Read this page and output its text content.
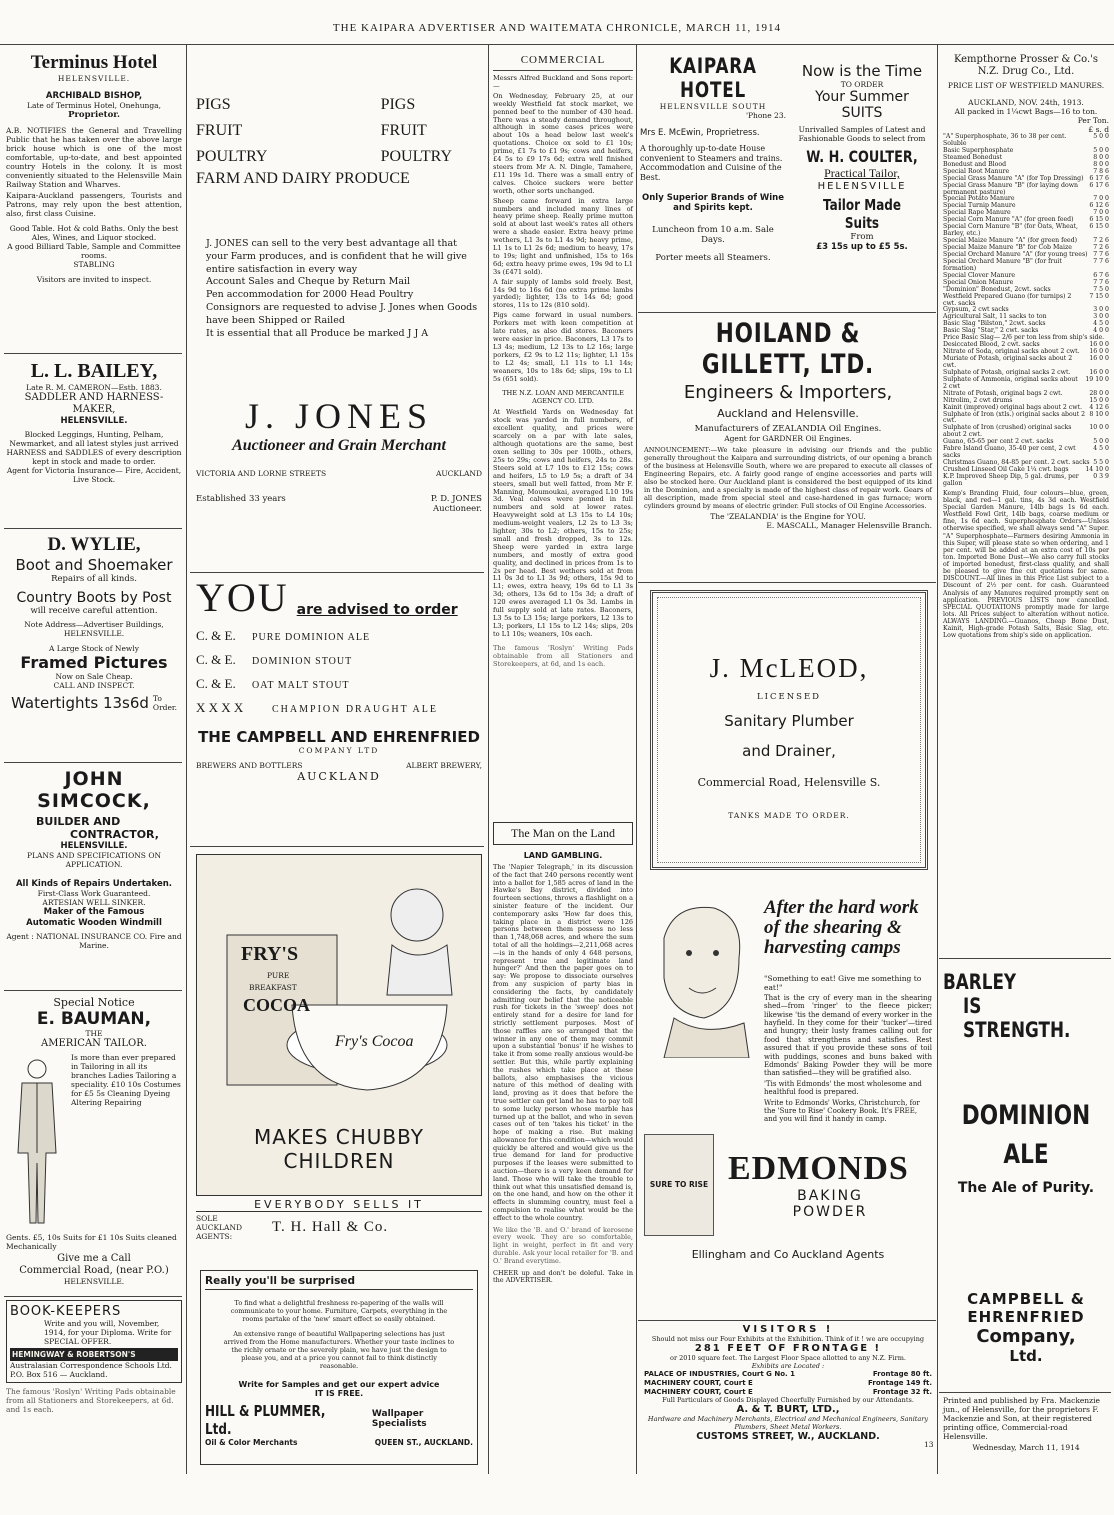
THE KAIPARA ADVERTISER AND WAITEMATA CHRONICLE, MARCH 11, 1914
Terminus Hotel
HELENSVILLE.
ARCHIBALD BISHOP,
Late of Terminus Hotel, Onehunga,
Proprietor.
A.B. NOTIFIES the General and Travelling Public that he has taken over the above large brick house which is one of the most comfortable, up-to-date, and best appointed country Hotels in the colony. It is most conveniently situated to the Helensville Main Railway Station and Wharves.
Kaipara-Auckland passengers, Tourists and Patrons, may rely upon the best attention, also, first class Cuisine.
Good Table. Hot & cold Baths. Only the best Ales, Wines, and Liquor stocked.
A good Billiard Table, Sample and Committee rooms.
STABLING
Visitors are invited to inspect.
L. L. BAILEY,
Late R. M. CAMERON—Estb. 1883.
SADDLER AND HARNESS-MAKER,
HELENSVILLE.
Blocked Leggings, Hunting, Pelham, Newmarket, and all latest styles just arrived
HARNESS and SADDLES of every description kept in stock and made to order.
Agent for Victoria Insurance— Fire, Accident, Live Stock.
D. WYLIE,
Boot and Shoemaker
Repairs of all kinds.
Country Boots by Post
will receive careful attention.
Note Address—Advertiser Buildings, HELENSVILLE.
A Large Stock of Newly
Framed Pictures
Now on Sale Cheap.
CALL AND INSPECT.
Watertights 13s6d To Order.
JOHN SIMCOCK,
BUILDER AND
CONTRACTOR,
HELENSVILLE.
PLANS AND SPECIFICATIONS ON APPLICATION.
All Kinds of Repairs Undertaken.
First-Class Work Guaranteed.
ARTESIAN WELL SINKER.
Maker of the Famous
Automatic Wooden Windmill
Agent : NATIONAL INSURANCE CO. Fire and Marine.
Special Notice
E. BAUMAN,
THE
AMERICAN TAILOR.
Is more than ever prepared in Tailoring in all its branches Ladies Tailoring a speciality. £10 10s Costumes for £5 5s Cleaning Dyeing Altering Repairing
Gents. £5, 10s Suits for £1 10s Suits cleaned Mechanically
Give me a Call
Commercial Road, (near P.O.)
HELENSVILLE.
BOOK-KEEPERS
Write and you will, November, 1914, for your Diploma. Write for SPECIAL OFFER.
HEMINGWAY & ROBERTSON'S
Australasian Correspondence Schools Ltd.
P.O. Box 516 — Auckland.
The famous 'Roslyn' Writing Pads obtainable from all Stationers and Storekeepers, at 6d. and 1s each.
PIGS
FRUIT
POULTRY
PIGS
FRUIT
POULTRY
FARM AND DAIRY PRODUCE
J. JONES can sell to the very best advantage all that your Farm produces, and is confident that he will give entire satisfaction in every way
Account Sales and Cheque by Return Mail
Pen accommodation for 2000 Head Poultry
Consignors are requested to advise J. Jones when Goods have been Shipped or Railed
It is essential that all Produce be marked J J A
J. JONES
Auctioneer and Grain Merchant
VICTORIA AND LORNE STREETS	AUCKLAND
Established 33 years	P. D. JONES
Auctioneer.
YOU are advised to order
C. & E. PURE DOMINION ALE
C. & E. DOMINION STOUT
C. & E. OAT MALT STOUT
X X X X	CHAMPION DRAUGHT ALE
THE CAMPBELL AND EHRENFRIED
COMPANY LTD
BREWERS AND BOTTLERS	ALBERT BREWERY,
AUCKLAND
FRY'S
PURE
BREAKFAST
COCOA
Fry's Cocoa
MAKES CHUBBY CHILDREN
EVERYBODY SELLS IT
SOLE AUCKLAND AGENTS:
T. H. Hall & Co.
Really you'll be surprised
To find what a delightful freshness re-papering of the walls will communicate to your home. Furniture, Carpets, everything in the rooms partake of the 'new' smart effect so easily obtained.
An extensive range of beautiful Wallpapering selections has just arrived from the Home manufacturers. Whether your taste inclines to the richly ornate or the severely plain, we have just the design to please you, and at a price you cannot fail to think distinctly reasonable.
Write for Samples and get our expert advice
IT IS FREE.
HILL & PLUMMER, Ltd.
Wallpaper Specialists
Oil & Color Merchants	QUEEN ST., AUCKLAND.
COMMERCIAL
Messrs Alfred Buckland and Sons report:—
On Wednesday, February 25, at our weekly Westfield fat stock market, we penned beef to the number of 430 head. There was a steady demand throughout, although in some cases prices were about 10s a head below last week's quotations. Choice ox sold to £1 10s; prime, £1 7s to £1 9s; cows and heifers, £4 5s to £9 17s 6d; extra well finished steers from Mr A. N. Dingle, Tamahere, £11 19s 1d. There was a small entry of calves. Choice suckers were better worth, other sorts unchanged.
Sheep came forward in extra large numbers and included many lines of heavy prime sheep. Really prime mutton sold at about last week's rates all others were a shade easier. Extra heavy prime wethers, L1 3s to L1 4s 9d; heavy prime, L1 1s to L1 2s 6d; medium to heavy, 17s to 19s; light and unfinished, 15s to 16s 6d; extra heavy prime ewes, 19s 9d to L1 3s (£471 sold).
A fair supply of lambs sold freely. Best, 14s 9d to 16s 6d (no extra prime lambs yarded); lighter, 13s to 14s 6d; good stores, 11s to 12s (810 sold).
Pigs came forward in usual numbers. Porkers met with keen competition at late rates, as also did stores. Baconers were easier in price. Baconers, L3 17s to L3 4s; medium, L2 13s to L2 16s; large porkers, £2 9s to L2 11s; lighter, L1 15s to L2 4s; small, L1 11s to L1 14s; weaners, 10s to 18s 6d; slips, 19s to L1 5s (651 sold).
THE N.Z. LOAN AND MERCANTILE AGENCY CO. LTD.
At Westfield Yards on Wednesday fat stock was yarded in full numbers, of excellent quality, and prices were scarcely on a par with late sales, although quotations are the same, best oxen selling to 30s per 100lb., others, 25s to 29s; cows and heifers, 24s to 28s. Steers sold at L7 10s to £12 15s; cows and heifers, L5 to L9 5s; a draft of 34 steers, small but well fatted, from Mr F. Manning, Moumoukai, averaged L10 19s 3d. Veal calves were penned in full numbers and sold at lower rates. Heavyweight sold at L3 15s to L4 10s; medium-weight vealers, L2 2s to L3 3s; lighter, 30s to L2; others, 15s to 25s; small and fresh dropped, 3s to 12s. Sheep were yarded in extra large numbers, and mostly of extra good quality, and declined in prices from 1s to 2s per head. Best wethers sold at from L1 0s 3d to L1 3s 9d; others, 15s 9d to L1; ewes, extra heavy, 19s 6d to L1 3s 3d; others, 13s 6d to 15s 3d; a draft of 120 ewes averaged L1 0s 3d. Lambs in full supply sold at late rates. Baconers, L3 5s to L3 15s; large porkers, L2 13s to L3; porkers, L1 15s to L2 14s; slips, 20s to L1 10s; weaners, 10s each.
The famous 'Roslyn' Writing Pads obtainable from all Stationers and Storekeepers, at 6d, and 1s each.
The Man on the Land
LAND GAMBLING.
The 'Napier Telegraph,' in its discussion of the fact that 240 persons recently went into a ballot for 1,585 acres of land in the Hawke's Bay district, divided into fourteen sections, throws a flashlight on a sinister feature of the incident. Our contemporary asks 'How far does this, taking place in a district were 126 persons between them possess no less than 1,748,068 acres, and where the sum total of all the holdings—2,211,068 acres—is in the hands of only 4 648 persons, represent true and legitimate land hunger?' And then the paper goes on to say: We propose to dissociate ourselves from any suspicion of party bias in considering the facts, by candidately admitting our belief that the noticeable rush for tickets in the 'sweep' does not entirely stand for a desire for land for strictly settlement purposes. Most of those raffles are so arranged that the winner in any one of them may commit upon a substantial 'bonus' if he wishes to take it from some really anxious would-be settler. But this, while partly explaining the rushes which take place at these ballots, also emphasises the vicious nature of this method of dealing with land, proving as it does that before the true settler can get land he has to pay toll to some lucky person whose marble has turned up at the ballot, and who in seven cases out of ten 'takes his ticket' in the hope of making a rise. But making allowance for this condition—which would quickly be altered and would give us the true demand for land for productive purposes if the leases were submitted to auction—there is a very keen demand for land. Those who will take the trouble to think out what this unsatisfied demand is, on the one hand, and how on the other it effects in slumming country, must feel a compulsion to realise what would be the effect to the whole country.
We like the 'B. and O.' brand of kerosene every week. They are so comfortable, light in weight, perfect in fit and very durable. Ask your local retailer for 'B. and O.' Brand everytime.
CHEER up and don't be doleful. Take in the ADVERTISER.
KAIPARA HOTEL
HELENSVILLE SOUTH
'Phone 23.
Mrs E. McEwin, Proprietress.
A thoroughly up-to-date House convenient to Steamers and trains. Accommodation and Cuisine of the Best.
Only Superior Brands of Wine and Spirits kept.
Luncheon from 10 a.m. Sale Days.
Porter meets all Steamers.
Now is the Time
TO ORDER
Your Summer
SUITS
Unrivalled Samples of Latest and Fashionable Goods to select from
W. H. COULTER,
Practical Tailor,
HELENSVILLE
Tailor Made Suits
From
£3 15s up to £5 5s.
HOILAND & GILLETT, LTD.
Engineers & Importers,
Auckland and Helensville.
Manufacturers of ZEALANDIA Oil Engines.
Agent for GARDNER Oil Engines.
ANNOUNCEMENT:—We take pleasure in advising our friends and the public generally throughout the Kaipara and surrounding districts, of our opening a branch of the business at Helensville South, where we are prepared to execute all classes of Engineering Repairs, etc. A fairly good range of engine accessories and parts will also be stocked here. Our Auckland plant is considered the best equipped of its kind in the Dominion, and a specialty is made of the highest class of repair work. Gears of all description, made from special steel and case-hardened in gas furnace; worn cylinders ground by means of electric grinder. Full stocks of Oil Engine Accessories.
The 'ZEALANDIA' is the Engine for YOU.
E. MASCALL, Manager Helensville Branch.
J. McLEOD,
LICENSED
Sanitary Plumber
and Drainer,
Commercial Road, Helensville S.
TANKS MADE TO ORDER.
After the hard work of the shearing & harvesting camps
"Something to eat! Give me something to eat!"
That is the cry of every man in the shearing shed—from 'ringer' to the fleece picker; likewise 'tis the demand of every worker in the hayfield. In they come for their 'tucker'—tired and hungry; their lusty frames calling out for food that strengthens and satisfies. Rest assured that if you provide these sons of toil with puddings, scones and buns baked with Edmonds' Baking Powder they will be more than satisfied—they will be gratified also.
'Tis with Edmonds' the most wholesome and healthful food is prepared.
Write to Edmonds' Works, Christchurch, for the 'Sure to Rise' Cookery Book. It's FREE, and you will find it handy in camp.
SURE TO RISE EDMONDS
BAKING
POWDER
Ellingham and Co Auckland Agents
VISITORS !
Should not miss our Four Exhibits at the Exhibition. Think of it ! we are occupying
281 FEET OF FRONTAGE !
or 2010 square feet. The Largest Floor Space allotted to any N.Z. Firm.
Exhibits are Located :
PALACE OF INDUSTRIES, Court G No. 1	Frontage 80 ft.
MACHINERY COURT, Court E	Frontage 149 ft.
MACHINERY COURT, Court E	Frontage 32 ft.
Full Particulars of Goods Displayed Cheerfully Furnished by our Attendants.
A. & T. BURT, LTD.,
Hardware and Machinery Merchants, Electrical and Mechanical Engineers, Sanitary Plumbers, Sheet Metal Workers.
CUSTOMS STREET, W., AUCKLAND.
13
Kempthorne Prosser & Co.'s N.Z. Drug Co., Ltd.
PRICE LIST OF WESTFIELD MANURES.
AUCKLAND, NOV. 24th, 1913.
All packed in 1¼cwt Bags—16 to ton.
Per Ton.
£ s. d
"A" Superphosphate, 36 to 38 per cent. Soluble
5 0 0
Basic Superphosphate	5 0 0
Steamed Bonedust	8 0 0
Bonedust and Blood	8 0 0
Special Root Manure	7 8 6
Special Grass Manure "A" (for Top Dressing) 6 17 6
Special Grass Manure "B" (for laying down permanent pasture)
6 17 6
Special Potato Manure	7 0 0
Special Turnip Manure	6 12 6
Special Rape Manure	7 0 0
Special Corn Manure "A" (for green feed)	6 15 0
Special Corn Manure "B" (for Oats, Wheat, Barley, etc.)
6 15 0
Special Maize Manure "A" (for green feed)	7 2 6
Special Maize Manure "B" for Cob Maize	7 2 6
Special Orchard Manure "A" (for young trees) 7 7 6
Special Orchard Manure "B" (for fruit formation)
7 7 6
Special Clover Manure	6 7 6
Special Onion Manure	7 7 6
"Dominion" Bonedust, 2cwt. sacks	7 5 0
Westfield Prepared Guano (for turnips) 2 cwt. sacks
7 15 0
Gypsum, 2 cwt sacks	3 0 0
Agricultural Salt, 11 sacks to ton	3 0 0
Basic Slag "Bilston," 2cwt. sacks	4 5 0
Basic Slag "Star," 2 cwt. sacks	4 0 0
Price Basic Slag— 2/6 per ton less from ship's side.
Desiccated Blood, 2 cwt. sacks	16 0 0
Nitrate of Soda, original sacks about 2 cwt.	16 0 0
Muriate of Potash, original sacks about 2 cwt.
16 0 0
Sulphate of Potash, original sacks 2 cwt.	16 0 0
Sulphate of Ammonia, original sacks about 2 cwt
19 10 0
Nitrate of Potash, original bags 2 cwt.	28 0 0
Nitrolim, 2 cwt drums	15 0 0
Kainit (improved) original bags about 2 cwt.	4 12 6
Sulphate of Iron (xtls.) original sacks about 2 cwt.
8 10 0
Sulphate of Iron (crushed) original sacks about 2 cwt.
10 0 0
Guano, 65-65 per cent 2 cwt. sacks	5 0 0
Fabre Island Guano, 35-40 per cent, 2 cwt sacks
4 5 0
Christmas Guano, 84-85 per cent. 2 cwt. sacks 5 5 0
Crushed Linseed Oil Cake 1¼ cwt. bags	14 10 0
K.P. Improved Sheep Dip, 5 gal. drums, per gallon
0 3 9
Kemp's Branding Fluid, four colours—blue, green, black, and red—1 gal. tins, 4s 3d each. Westfield Special Garden Manure, 14lb bags 1s 6d each. Westfield Fowl Grit, 14lb bags, coarse medium or fine, 1s 6d each. Superphosphate Orders—Unless otherwise specified, we shall always send "A" Super. "A" Superphosphate—Farmers desiring Ammonia in this Super, will please state so when ordering, and 1 per cent. will be added at an extra cost of 10s per ton. Imported Bone Dust—We also carry full stocks of imported bonedust, first-class quality, and shall be pleased to give fine cut quotations for same. DISCOUNT.—All lines in this Price List subject to a Discount of 2½ per cent. for cash. Guaranteed Analysis of any Manures required promptly sent on application. PREVIOUS LISTS now cancelled. SPECIAL QUOTATIONS promptly made for large lots. All Prices subject to alteration without notice. ALWAYS LANDING.—Guanos, Cheap Bone Dust, Kainit, High-grade Potash Salts, Basic Slag, etc. Low quotations from ship's side on application.
BARLEY
IS STRENGTH.
DOMINION
ALE
The Ale of Purity.
CAMPBELL &
EHRENFRIED
Company,
Ltd.
Printed and published by Fra. Mackenzie jun., of Helensville, for the proprietors F. Mackenzie and Son, at their registered printing office, Commercial-road Helensville.
Wednesday, March 11, 1914
